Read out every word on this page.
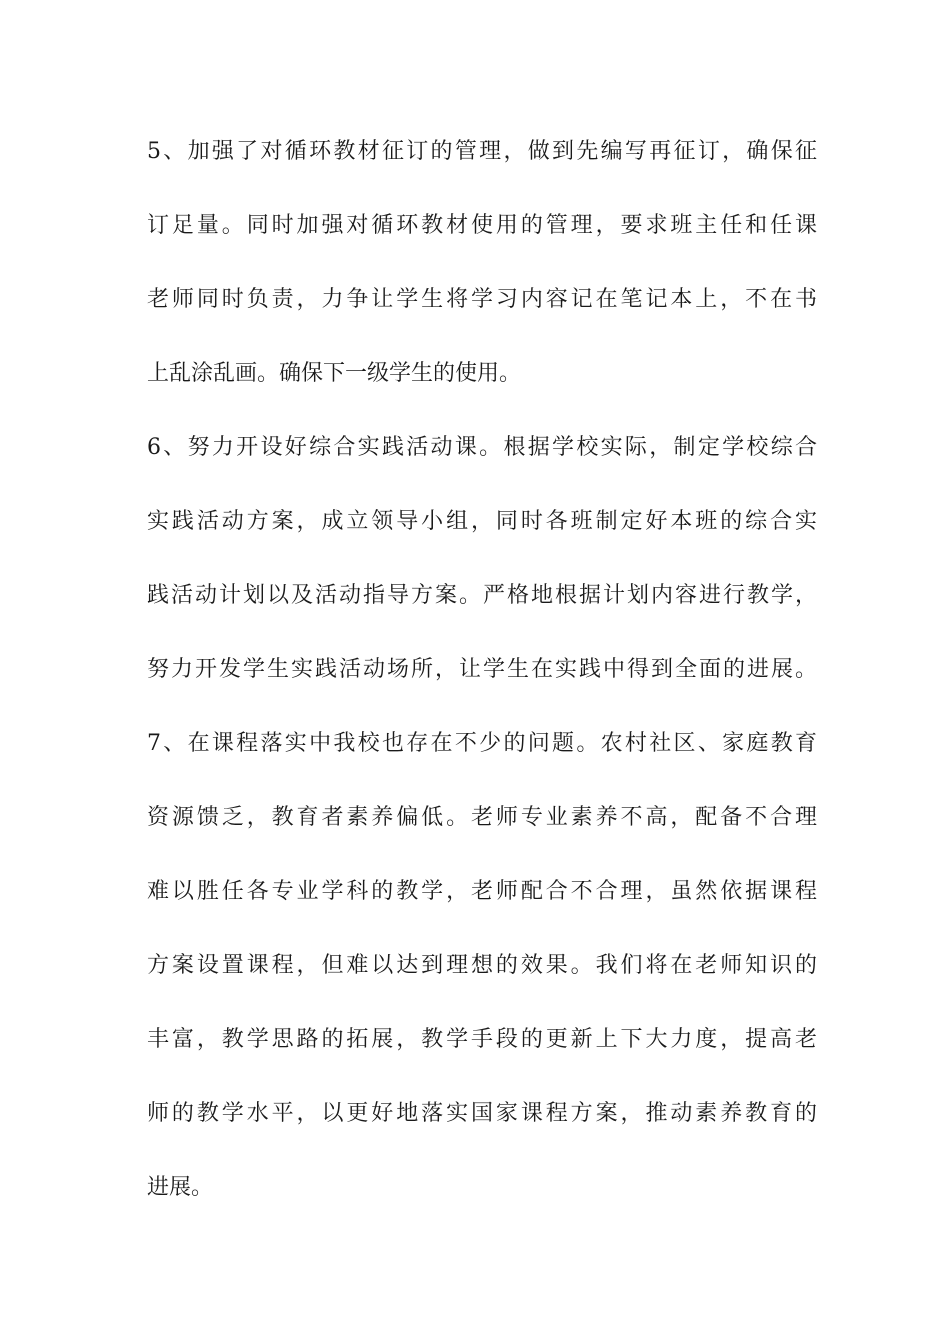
5、加强了对循环教材征订的管理，做到先编写再征订，确保征
订足量。同时加强对循环教材使用的管理，要求班主任和任课
老师同时负责，力争让学生将学习内容记在笔记本上，不在书
上乱涂乱画。确保下一级学生的使用。
6、努力开设好综合实践活动课。根据学校实际，制定学校综合
实践活动方案，成立领导小组，同时各班制定好本班的综合实
践活动计划以及活动指导方案。严格地根据计划内容进行教学，
努力开发学生实践活动场所，让学生在实践中得到全面的进展。
7、在课程落实中我校也存在不少的问题。农村社区、家庭教育
资源馈乏，教育者素养偏低。老师专业素养不高，配备不合理
难以胜任各专业学科的教学，老师配合不合理，虽然依据课程
方案设置课程，但难以达到理想的效果。我们将在老师知识的
丰富，教学思路的拓展，教学手段的更新上下大力度，提高老
师的教学水平，以更好地落实国家课程方案，推动素养教育的
进展。
